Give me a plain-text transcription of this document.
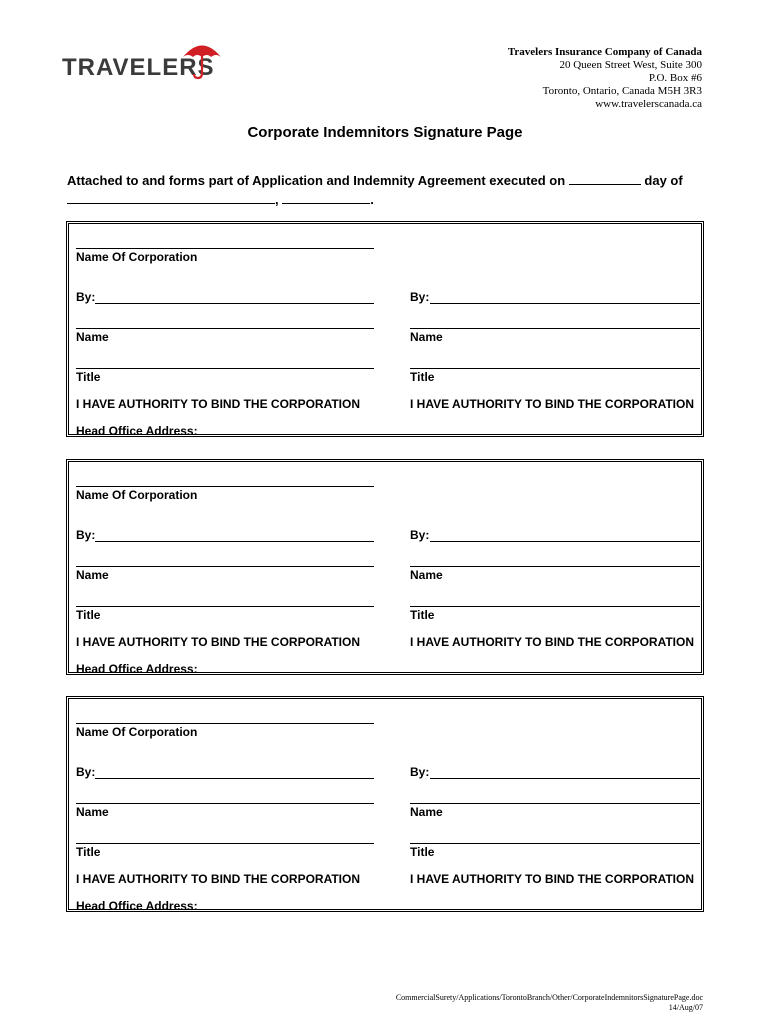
TRAVELERS
Travelers Insurance Company of Canada
20 Queen Street West, Suite 300
P.O. Box #6
Toronto, Ontario, Canada M5H 3R3
www.travelerscanada.ca
Corporate Indemnitors Signature Page
Attached to and forms part of Application and Indemnity Agreement executed on	day of
,	.
Name Of Corporation
By:	By:
Name	Name
Title	Title
I HAVE AUTHORITY TO BIND THE CORPORATION	I HAVE AUTHORITY TO BIND THE CORPORATION
Head Office Address:
Name Of Corporation
By:	By:
Name	Name
Title	Title
I HAVE AUTHORITY TO BIND THE CORPORATION	I HAVE AUTHORITY TO BIND THE CORPORATION
Head Office Address:
Name Of Corporation
By:	By:
Name	Name
Title	Title
I HAVE AUTHORITY TO BIND THE CORPORATION	I HAVE AUTHORITY TO BIND THE CORPORATION
Head Office Address:
CommercialSurety/Applications/TorontoBranch/Other/CorporateIndemnitorsSignaturePage.doc
14/Aug/07
